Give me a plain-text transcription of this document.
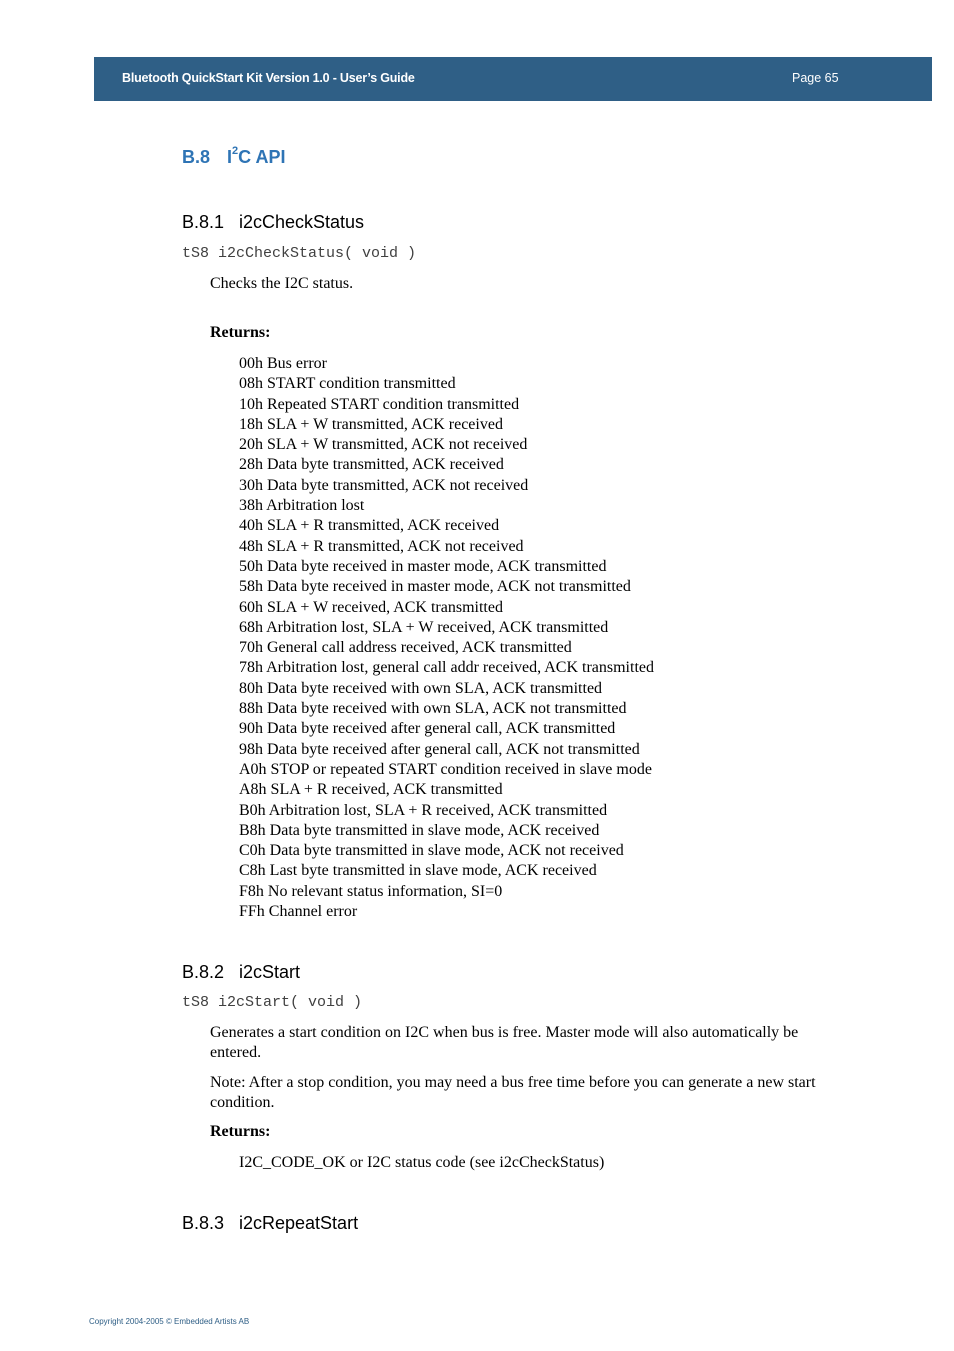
Bluetooth QuickStart Kit Version 1.0 - User’s Guide	Page 65
B.8 $I^2C$ API
B.8.1 i2cCheckStatus
tS8 i2cCheckStatus( void )
Checks the I2C status.
Returns:
00h Bus error
08h START condition transmitted
10h Repeated START condition transmitted
18h SLA + W transmitted, ACK received
20h SLA + W transmitted, ACK not received
28h Data byte transmitted, ACK received
30h Data byte transmitted, ACK not received
38h Arbitration lost
40h SLA + R transmitted, ACK received
48h SLA + R transmitted, ACK not received
50h Data byte received in master mode, ACK transmitted
58h Data byte received in master mode, ACK not transmitted
60h SLA + W received, ACK transmitted
68h Arbitration lost, SLA + W received, ACK transmitted
70h General call address received, ACK transmitted
78h Arbitration lost, general call addr received, ACK transmitted
80h Data byte received with own SLA, ACK transmitted
88h Data byte received with own SLA, ACK not transmitted
90h Data byte received after general call, ACK transmitted
98h Data byte received after general call, ACK not transmitted
A0h STOP or repeated START condition received in slave mode
A8h SLA + R received, ACK transmitted
B0h Arbitration lost, SLA + R received, ACK transmitted
B8h Data byte transmitted in slave mode, ACK received
C0h Data byte transmitted in slave mode, ACK not received
C8h Last byte transmitted in slave mode, ACK received
F8h No relevant status information, SI=0
FFh Channel error
B.8.2 i2cStart
tS8 i2cStart( void )
Generates a start condition on I2C when bus is free. Master mode will also automatically be entered.
Note: After a stop condition, you may need a bus free time before you can generate a new start condition.
Returns:
I2C_CODE_OK or I2C status code (see i2cCheckStatus)
B.8.3 i2cRepeatStart
Copyright 2004-2005 © Embedded Artists AB
